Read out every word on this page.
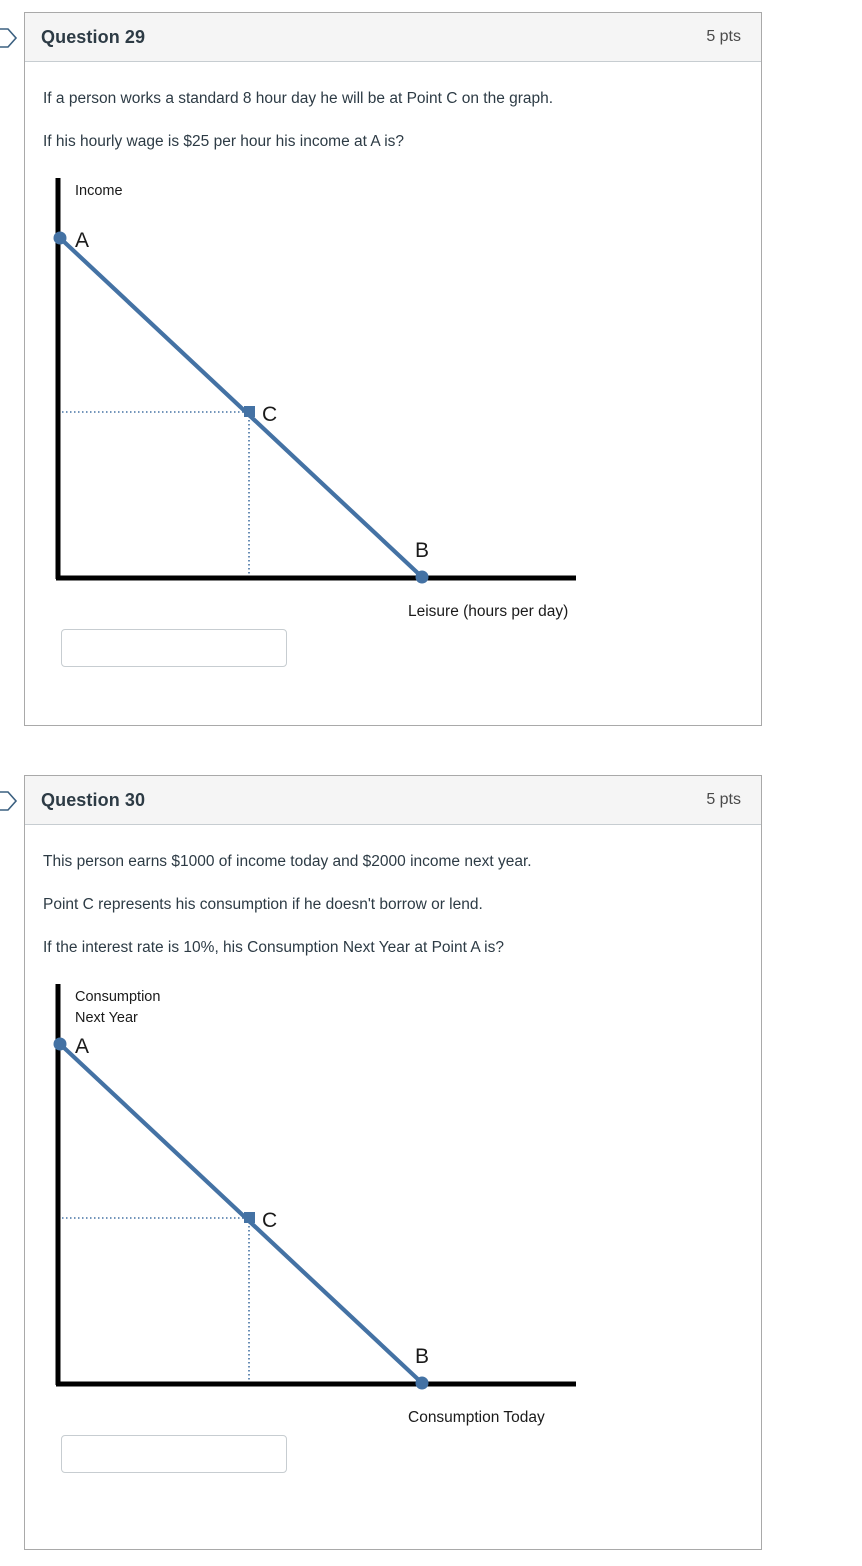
Question 29	5 pts

If a person works a standard 8 hour day he will be at Point C on the graph.

If his hourly wage is $25 per hour his income at A is?

A
C
B
Income
Leisure (hours per day)
Question 30	5 pts

This person earns $1000 of income today and $2000 income next year.

Point C represents his consumption if he doesn't borrow or lend.

If the interest rate is 10%, his Consumption Next Year at Point A is?

A
C
B
Consumption
Next Year
Consumption Today
